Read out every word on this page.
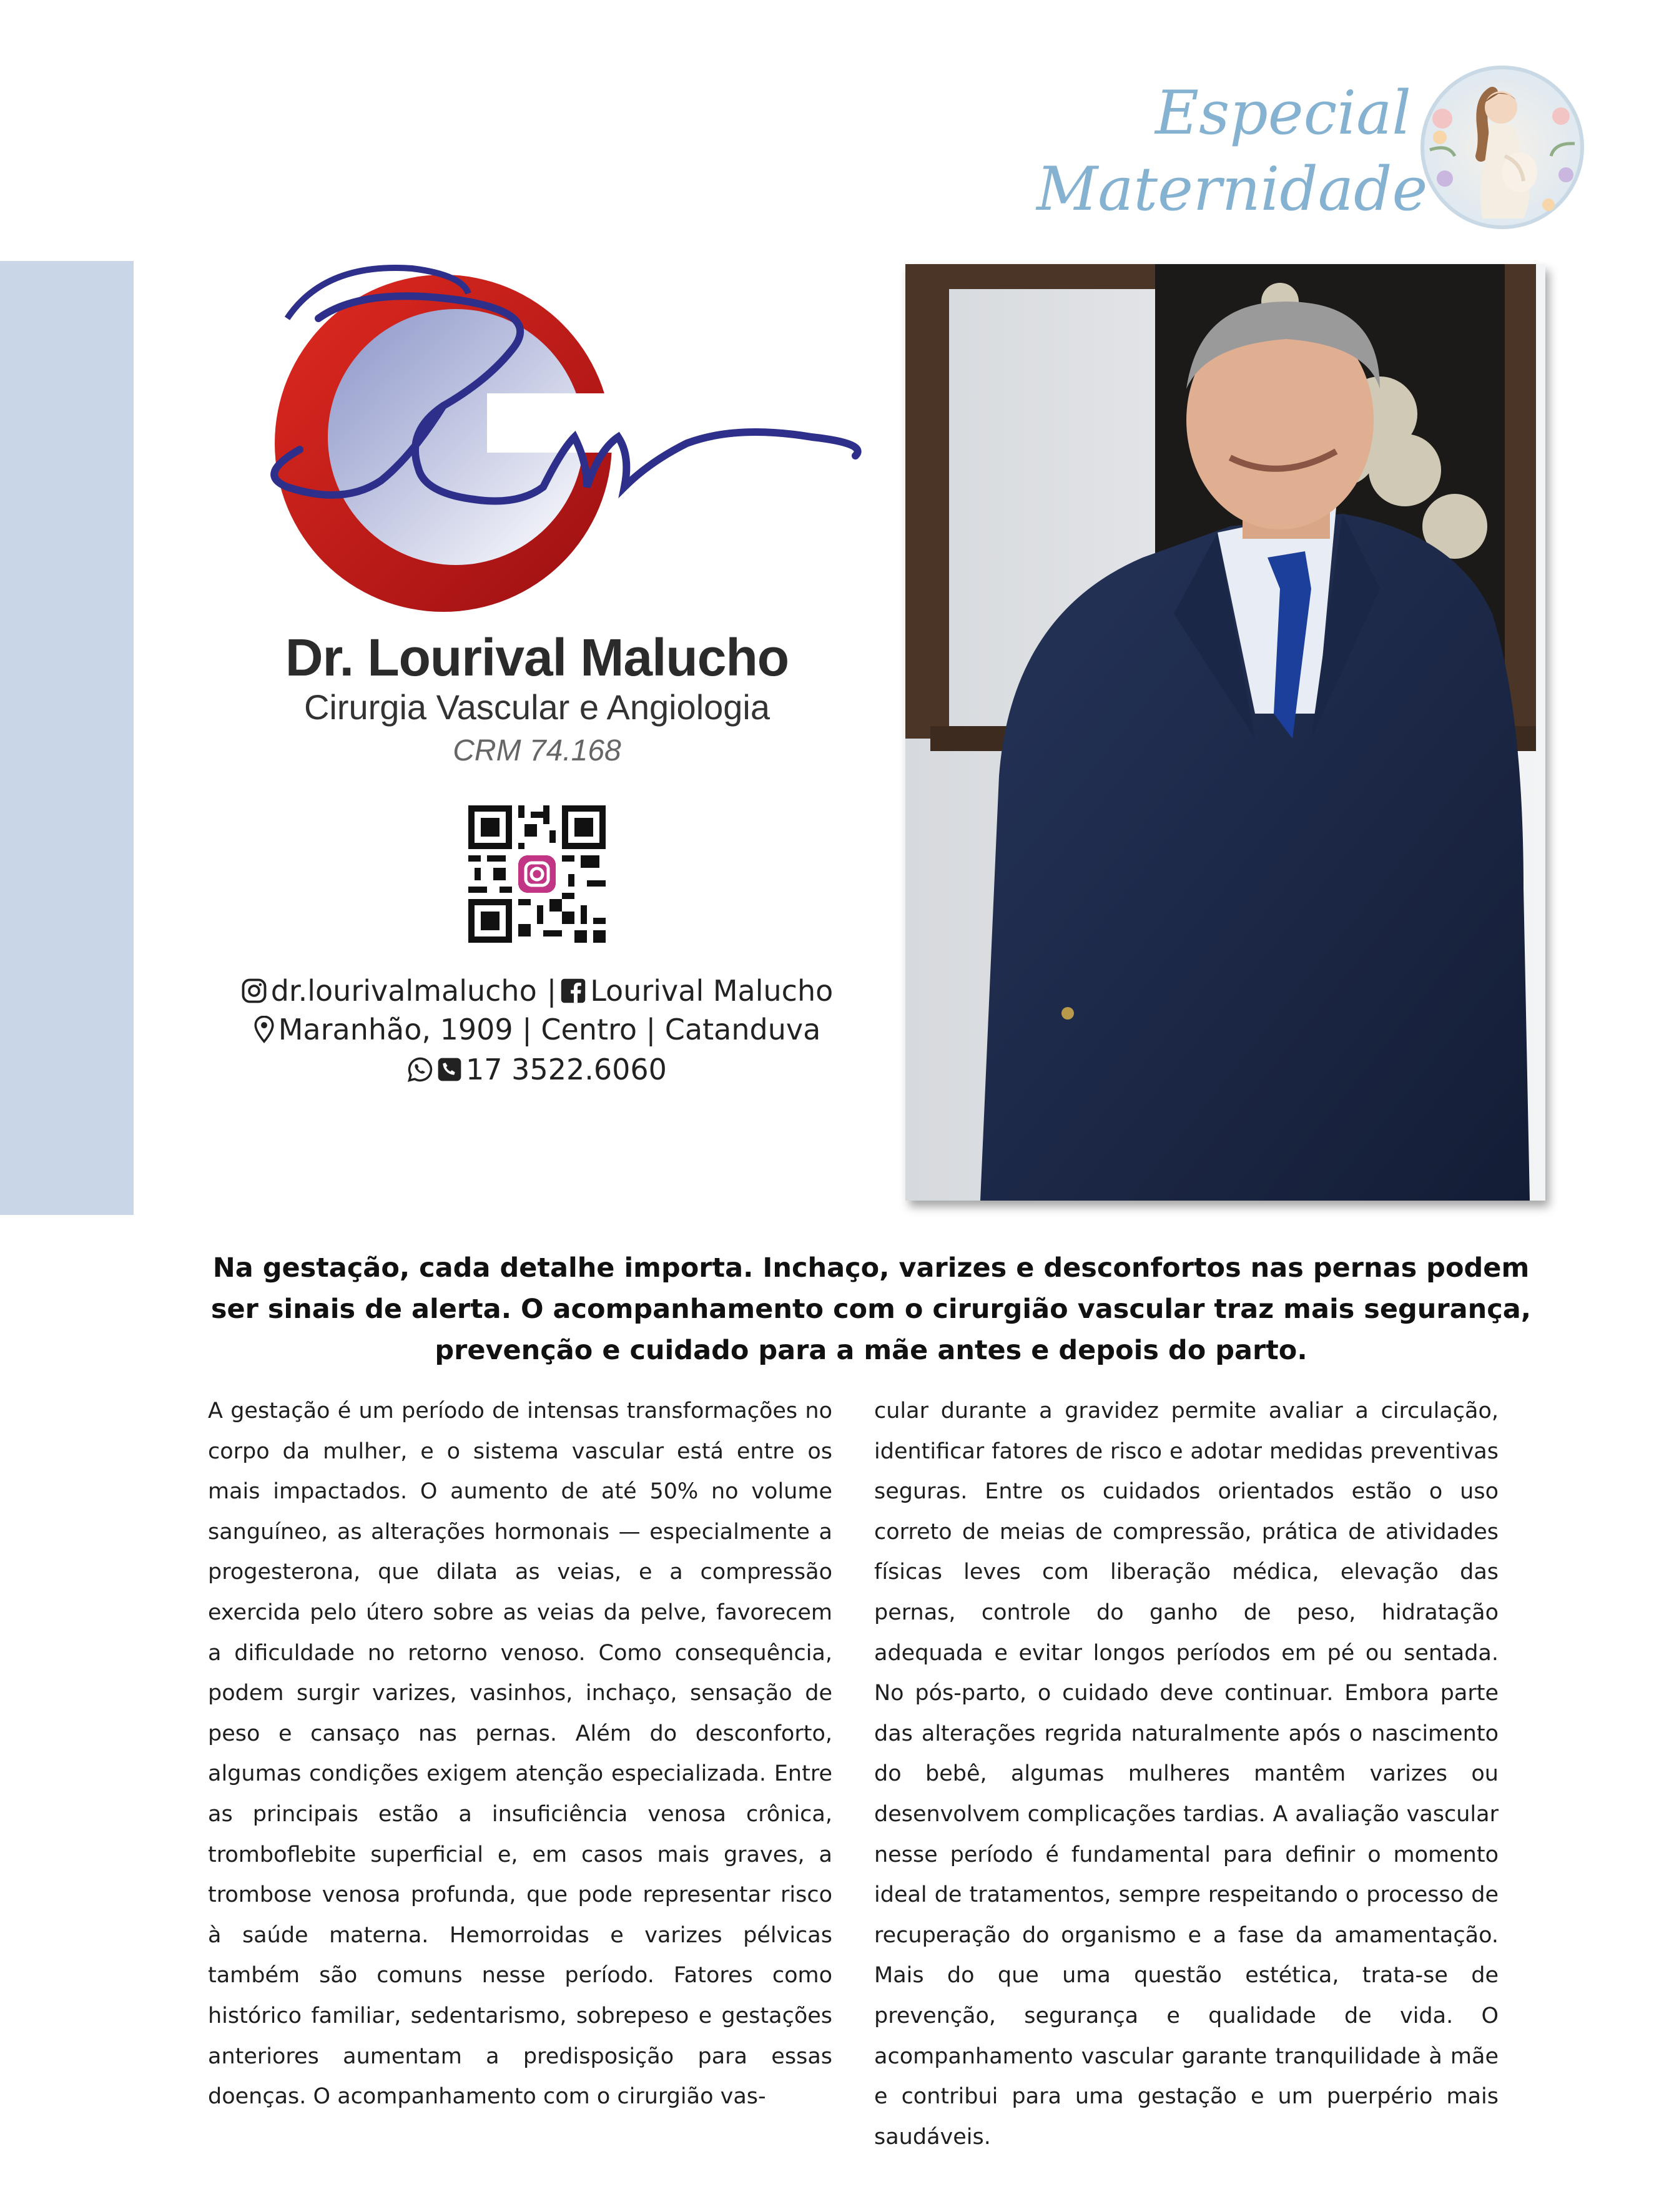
Especial
Maternidade
Dr. Lourival Malucho
Cirurgia Vascular e Angiologia
CRM 74.168
dr.lourivalmalucho | Lourival Malucho
Maranhão, 1909 | Centro | Catanduva
17 3522.6060
Na gestação, cada detalhe importa. Inchaço, varizes e desconfortos nas pernas podem ser sinais de alerta. O acompanhamento com o cirurgião vascular traz mais segurança, prevenção e cuidado para a mãe antes e depois do parto.
A gestação é um período de intensas transformações no corpo da mulher, e o sistema vascular está entre os mais impactados. O aumento de até 50% no volume sanguíneo, as alterações hormonais — especialmente a progesterona, que dilata as veias, e a compressão exercida pelo útero sobre as veias da pelve, favorecem a dificuldade no retorno venoso. Como consequência, podem surgir varizes, vasinhos, inchaço, sensação de peso e cansaço nas pernas. Além do desconforto, algumas condições exigem atenção especializada. Entre as principais estão a insuficiência venosa crônica, tromboflebite superficial e, em casos mais graves, a trombose venosa profunda, que pode representar risco à saúde materna. Hemorroidas e varizes pélvicas também são comuns nesse período. Fatores como histórico familiar, sedentarismo, sobrepeso e gestações anteriores aumentam a predisposição para essas doenças. O acompanhamento com o cirurgião vas-
cular durante a gravidez permite avaliar a circulação, identificar fatores de risco e adotar medidas preventivas seguras. Entre os cuidados orientados estão o uso correto de meias de compressão, prática de atividades físicas leves com liberação médica, elevação das pernas, controle do ganho de peso, hidratação adequada e evitar longos períodos em pé ou sentada. No pós-parto, o cuidado deve continuar. Embora parte das alterações regrida naturalmente após o nascimento do bebê, algumas mulheres mantêm varizes ou desenvolvem complicações tardias. A avaliação vascular nesse período é fundamental para definir o momento ideal de tratamentos, sempre respeitando o processo de recuperação do organismo e a fase da amamentação. Mais do que uma questão estética, trata-se de prevenção, segurança e qualidade de vida. O acompanhamento vascular garante tranquilidade à mãe e contribui para uma gestação e um puerpério mais saudáveis.
